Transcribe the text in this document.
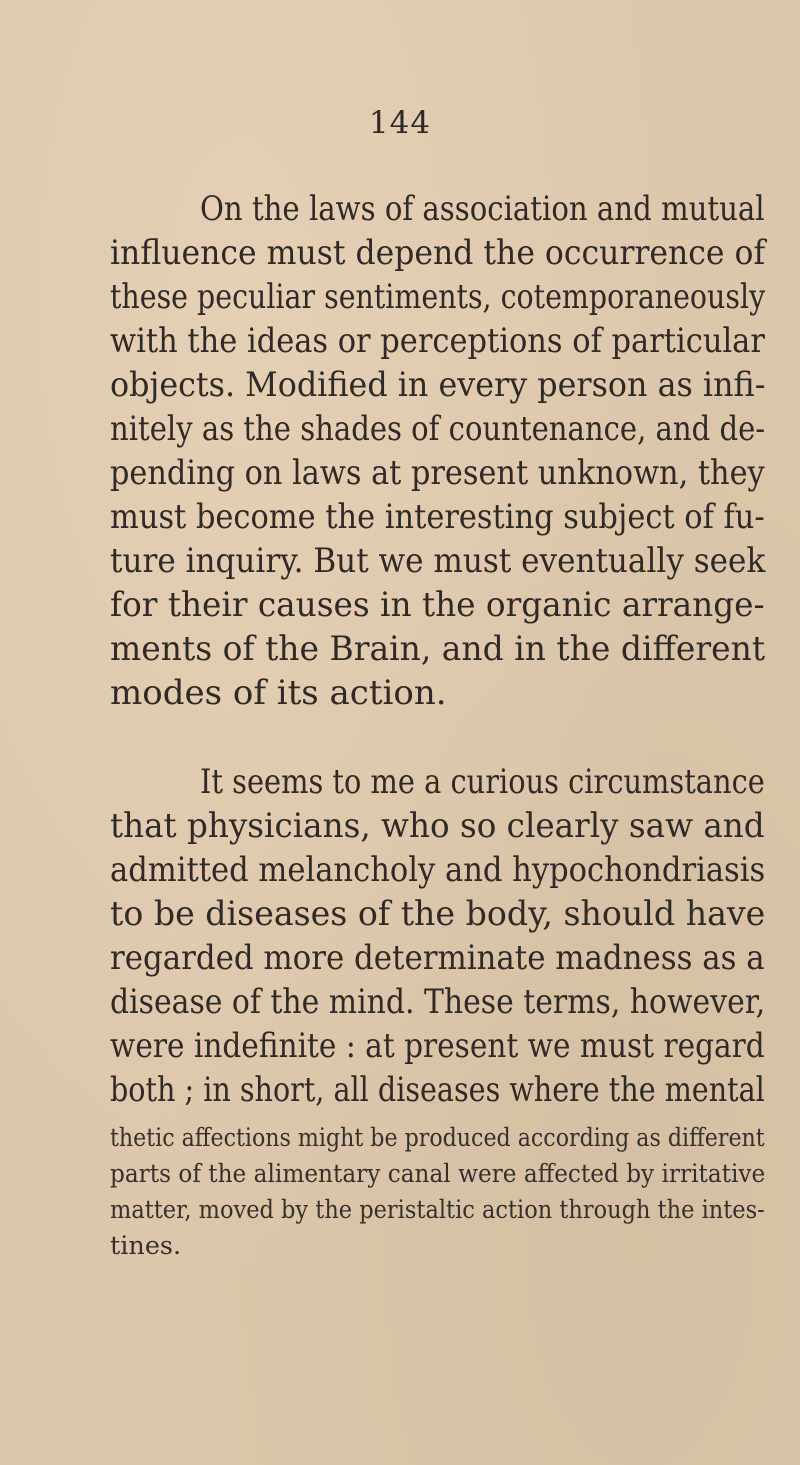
144
On the laws of association and mutual
influence must depend the occurrence of
these peculiar sentiments, cotemporaneously
with the ideas or perceptions of particular
objects. Modified in every person as infi-
nitely as the shades of countenance, and de-
pending on laws at present unknown, they
must become the interesting subject of fu-
ture inquiry. But we must eventually seek
for their causes in the organic arrange-
ments of the Brain, and in the different
modes of its action.
It seems to me a curious circumstance
that physicians, who so clearly saw and
admitted melancholy and hypochondriasis
to be diseases of the body, should have
regarded more determinate madness as a
disease of the mind. These terms, however,
were indefinite : at present we must regard
both ; in short, all diseases where the mental
thetic affections might be produced according as different
parts of the alimentary canal were affected by irritative
matter, moved by the peristaltic action through the intes-
tines.
